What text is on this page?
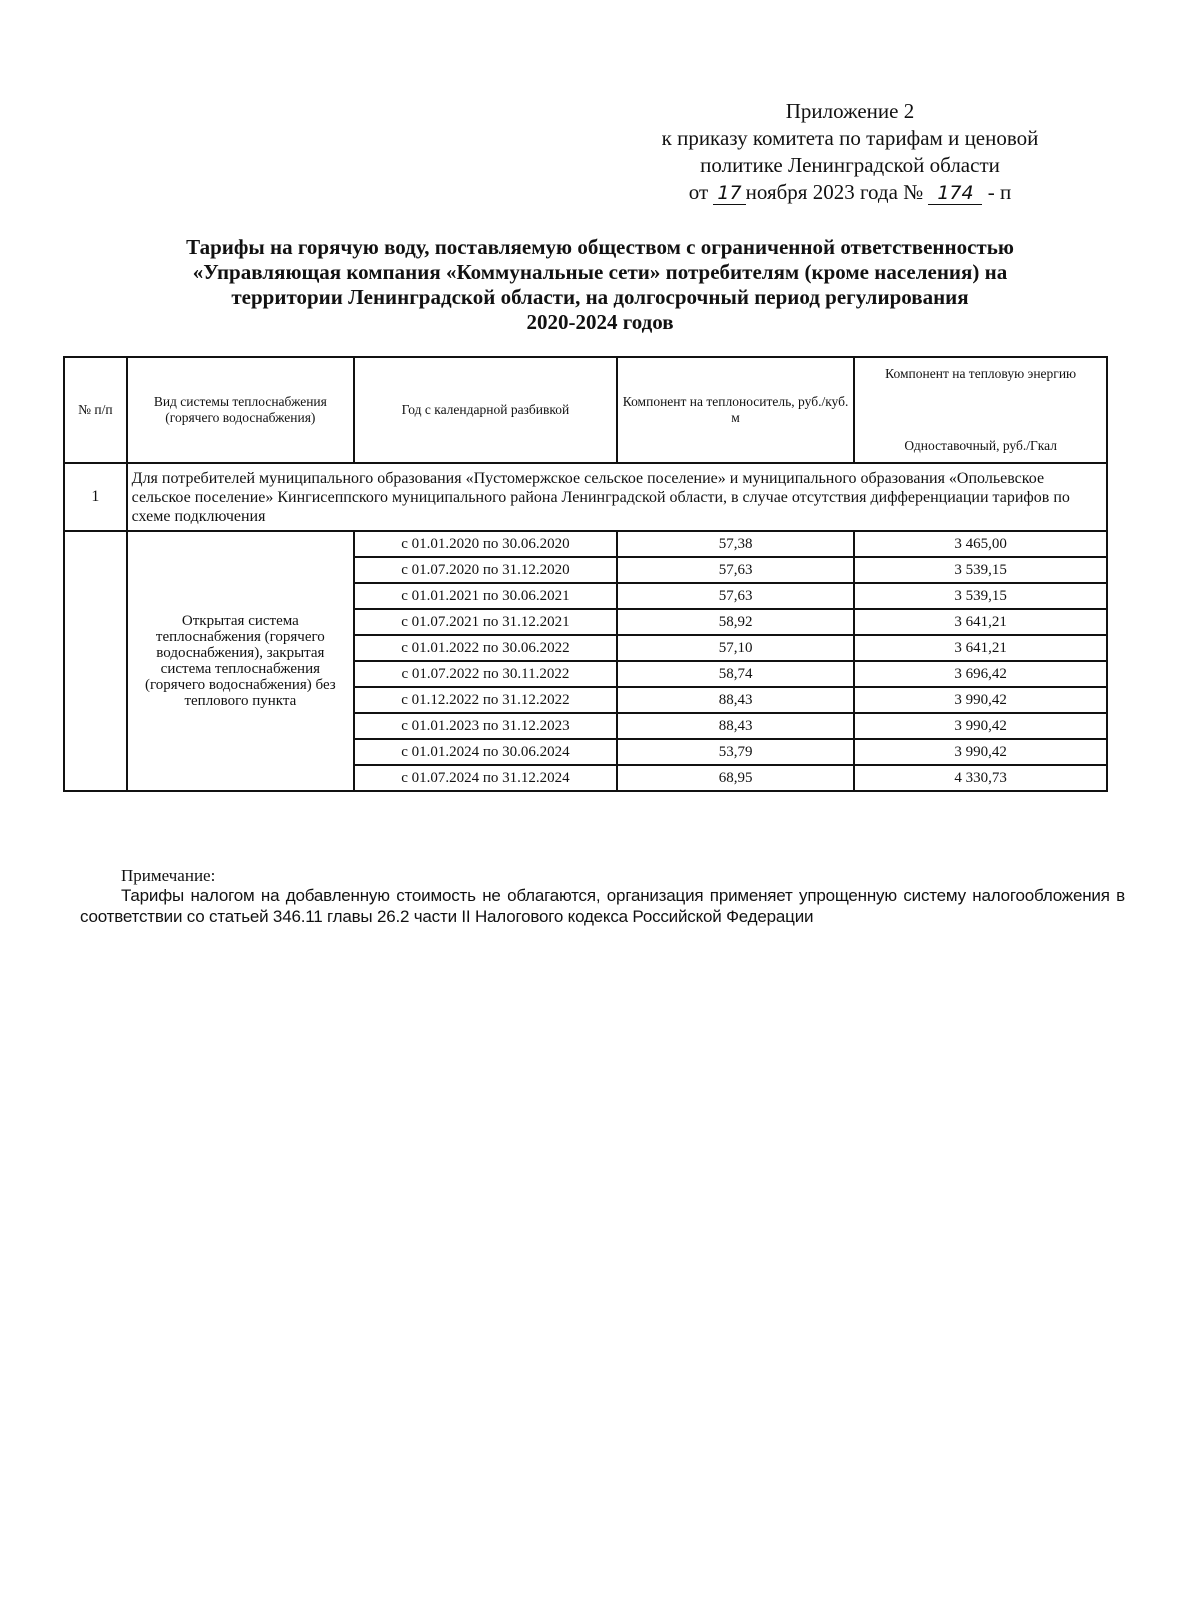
Приложение 2
к приказу комитета по тарифам и ценовой
политике Ленинградской области
от 17 ноября 2023 года № 174 - п
Тарифы на горячую воду, поставляемую обществом с ограниченной ответственностью
«Управляющая компания «Коммунальные сети» потребителям (кроме населения) на
территории Ленинградской области, на долгосрочный период регулирования
2020-2024 годов
№ п/п	Вид системы теплоснабжения (горячего водоснабжения)	Год с календарной разбивкой	Компонент на теплоноситель, руб./куб. м	Компонент на тепловую энергию
Одноставочный, руб./Гкал

1	Для потребителей муниципального образования «Пустомержское сельское поселение» и муниципального образования «Опольевское сельское поселение» Кингисеппского муниципального района Ленинградской области, в случае отсутствия дифференциации тарифов по схеме подключения			
	Открытая система теплоснабжения (горячего водоснабжения), закрытая система теплоснабжения (горячего водоснабжения) без теплового пункта	с 01.01.2020 по 30.06.2020	57,38	3 465,00
		с 01.07.2020 по 31.12.2020	57,63	3 539,15
		с 01.01.2021 по 30.06.2021	57,63	3 539,15
		с 01.07.2021 по 31.12.2021	58,92	3 641,21
		с 01.01.2022 по 30.06.2022	57,10	3 641,21
		с 01.07.2022 по 30.11.2022	58,74	3 696,42
		с 01.12.2022 по 31.12.2022	88,43	3 990,42
		с 01.01.2023 по 31.12.2023	88,43	3 990,42
		с 01.01.2024 по 30.06.2024	53,79	3 990,42
		с 01.07.2024 по 31.12.2024	68,95	4 330,73
Примечание:
Тарифы налогом на добавленную стоимость не облагаются, организация применяет упрощенную систему налогообложения в соответствии со статьей 346.11 главы 26.2 части II Налогового кодекса Российской Федерации
